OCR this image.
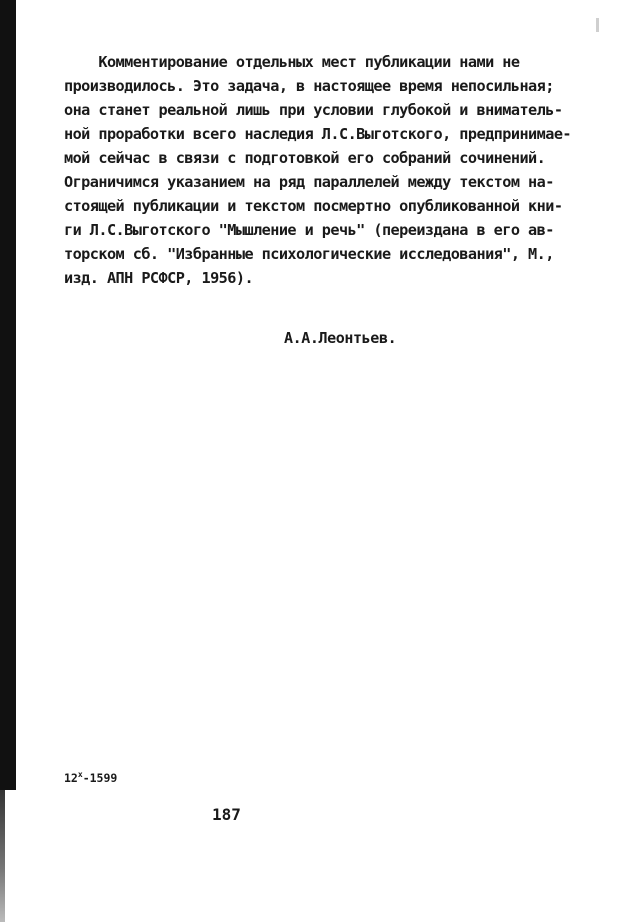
Комментирование отдельных мест публикации нами не
производилось. Это задача, в настоящее время непосильная;
она станет реальной лишь при условии глубокой и вниматель-
ной проработки всего наследия Л.С.Выготского, предпринимае-
мой сейчас в связи с подготовкой его собраний сочинений.
Ограничимся указанием на ряд параллелей между текстом на-
стоящей публикации и текстом посмертно опубликованной кни-
ги Л.С.Выготского "Мышление и речь" (переиздана в его ав-
торском сб. "Избранные психологические исследования", М.,
изд. АПН РСФСР, 1956).
А.А.Леонтьев.
$12^х-1599$
187
